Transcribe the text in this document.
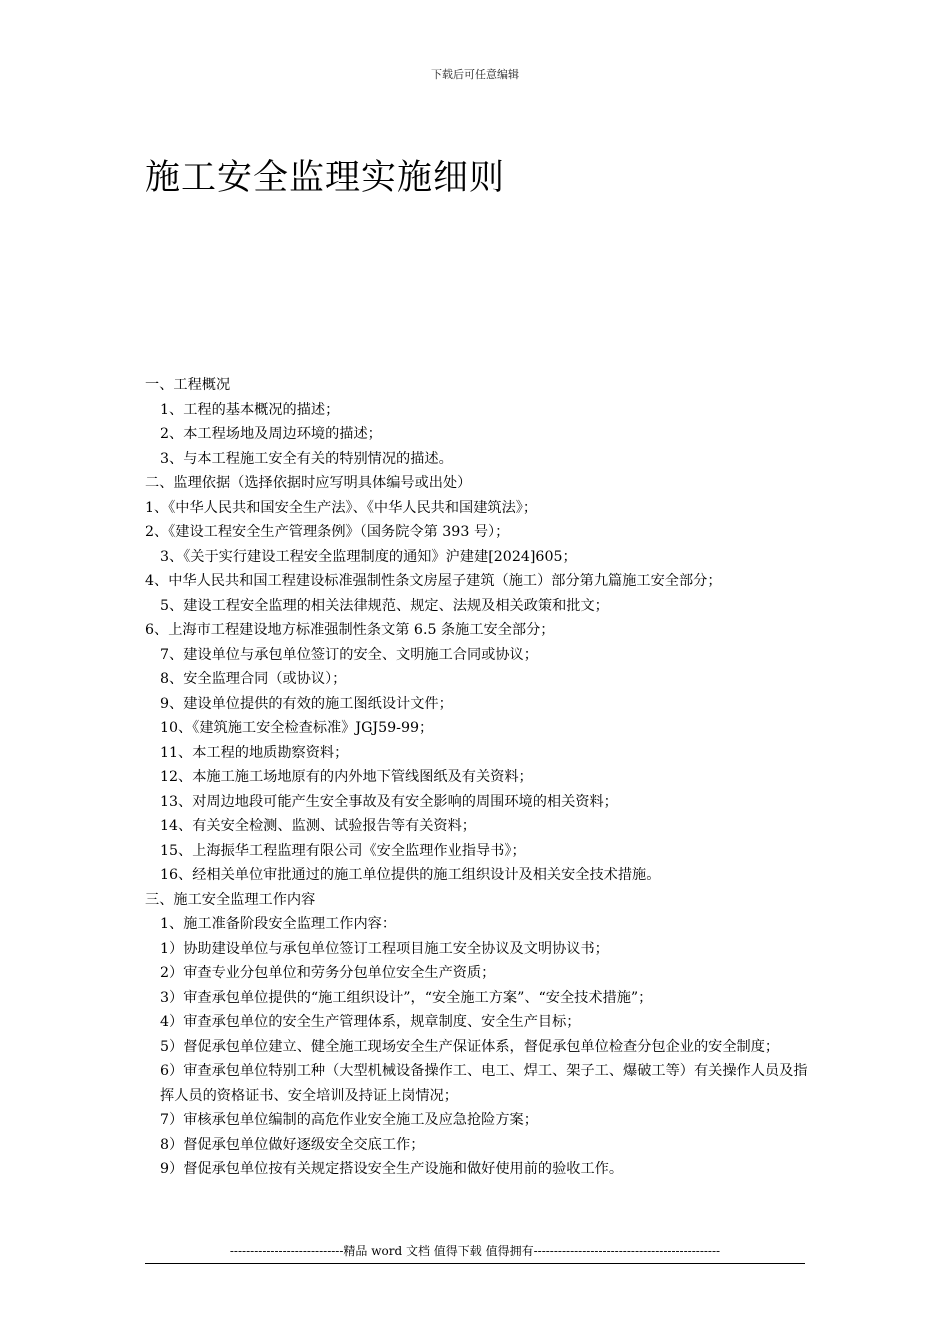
下载后可任意编辑
施工安全监理实施细则
一、工程概况
1、工程的基本概况的描述；
2、本工程场地及周边环境的描述；
3、与本工程施工安全有关的特别情况的描述。
二、监理依据（选择依据时应写明具体编号或出处）
1、《中华人民共和国安全生产法》、《中华人民共和国建筑法》；
2、《建设工程安全生产管理条例》（国务院令第 393 号）；
3、《关于实行建设工程安全监理制度的通知》沪建建[2024]605；
4、中华人民共和国工程建设标准强制性条文房屋子建筑（施工）部分第九篇施工安全部分；
5、建设工程安全监理的相关法律规范、规定、法规及相关政策和批文；
6、上海市工程建设地方标准强制性条文第 6.5 条施工安全部分；
7、建设单位与承包单位签订的安全、文明施工合同或协议；
8、安全监理合同（或协议）；
9、建设单位提供的有效的施工图纸设计文件；
10、《建筑施工安全检查标准》JGJ59-99；
11、本工程的地质勘察资料；
12、本施工施工场地原有的内外地下管线图纸及有关资料；
13、对周边地段可能产生安全事故及有安全影响的周围环境的相关资料；
14、有关安全检测、监测、试验报告等有关资料；
15、上海振华工程监理有限公司《安全监理作业指导书》；
16、经相关单位审批通过的施工单位提供的施工组织设计及相关安全技术措施。
三、施工安全监理工作内容
1、施工准备阶段安全监理工作内容：
1）协助建设单位与承包单位签订工程项目施工安全协议及文明协议书；
2）审查专业分包单位和劳务分包单位安全生产资质；
3）审查承包单位提供的“施工组织设计”，“安全施工方案”、“安全技术措施”；
4）审查承包单位的安全生产管理体系，规章制度、安全生产目标；
5）督促承包单位建立、健全施工现场安全生产保证体系，督促承包单位检查分包企业的安全制度；
6）审查承包单位特别工种（大型机械设备操作工、电工、焊工、架子工、爆破工等）有关操作人员及指挥人员的资格证书、安全培训及持证上岗情况；
7）审核承包单位编制的高危作业安全施工及应急抢险方案；
8）督促承包单位做好逐级安全交底工作；
9）督促承包单位按有关规定搭设安全生产设施和做好使用前的验收工作。
----------------------------精品 word 文档 值得下载 值得拥有----------------------------------------------
